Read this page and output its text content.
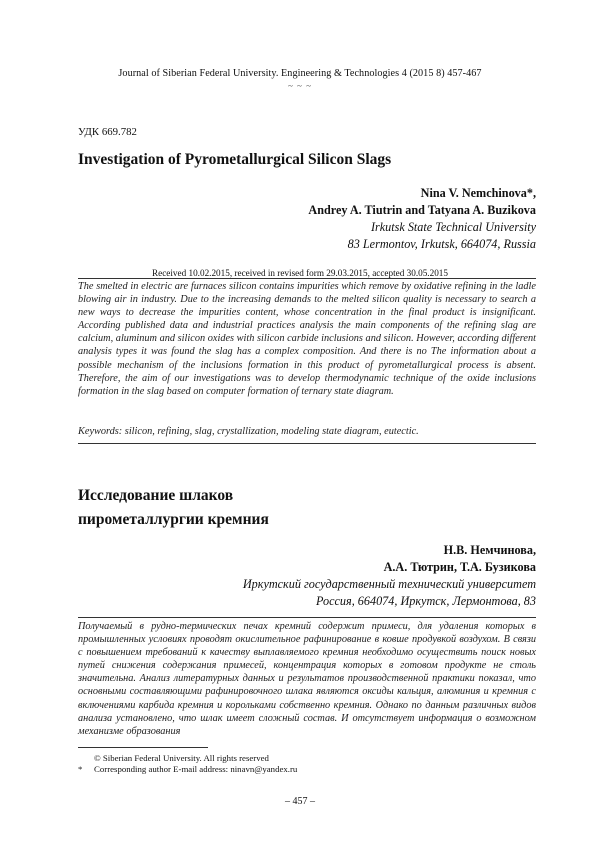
Journal of Siberian Federal University. Engineering & Technologies 4 (2015 8) 457-467
~ ~ ~
УДК 669.782
Investigation of Pyrometallurgical Silicon Slags
Nina V. Nemchinova*,
Andrey A. Tiutrin and Tatyana A. Buzikova
Irkutsk State Technical University
83 Lermontov, Irkutsk, 664074, Russia
Received 10.02.2015, received in revised form 29.03.2015, accepted 30.05.2015

The smelted in electric are furnaces silicon contains impurities which remove by oxidative refining in the ladle blowing air in industry. Due to the increasing demands to the melted silicon quality is necessary to search a new ways to decrease the impurities content, whose concentration in the final product is insignificant. According published data and industrial practices analysis the main components of the refining slag are calcium, aluminum and silicon oxides with silicon carbide inclusions and silicon. However, according different analysis types it was found the slag has a complex composition. And there is no The information about a possible mechanism of the inclusions formation in this product of pyrometallurgical process is absent. Therefore, the aim of our investigations was to develop thermodynamic technique of the oxide inclusions formation in the slag based on computer formation of ternary state diagram.

Keywords: silicon, refining, slag, crystallization, modeling state diagram, eutectic.
Исследование шлаков
пирометаллургии кремния
Н.В. Немчинова,
А.А. Тютрин, Т.А. Бузикова
Иркутский государственный технический университет
Россия, 664074, Иркутск, Лермонтова, 83

Получаемый в рудно-термических печах кремний содержит примеси, для удаления которых в промышленных условиях проводят окислительное рафинирование в ковше продувкой воздухом. В связи с повышением требований к качеству выплавляемого кремния необходимо осуществить поиск новых путей снижения содержания примесей, концентрация которых в готовом продукте не столь значительна. Анализ литературных данных и результатов производственной практики показал, что основными составляющими рафинировочного шлака являются оксиды кальция, алюминия и кремния с включениями карбида кремния и корольками собственно кремния. Однако по данным различных видов анализа установлено, что шлак имеет сложный состав. И отсутствует информация о возможном механизме образования

© Siberian Federal University. All rights reserved
*	Corresponding author E-mail address: ninavn@yandex.ru
– 457 –
